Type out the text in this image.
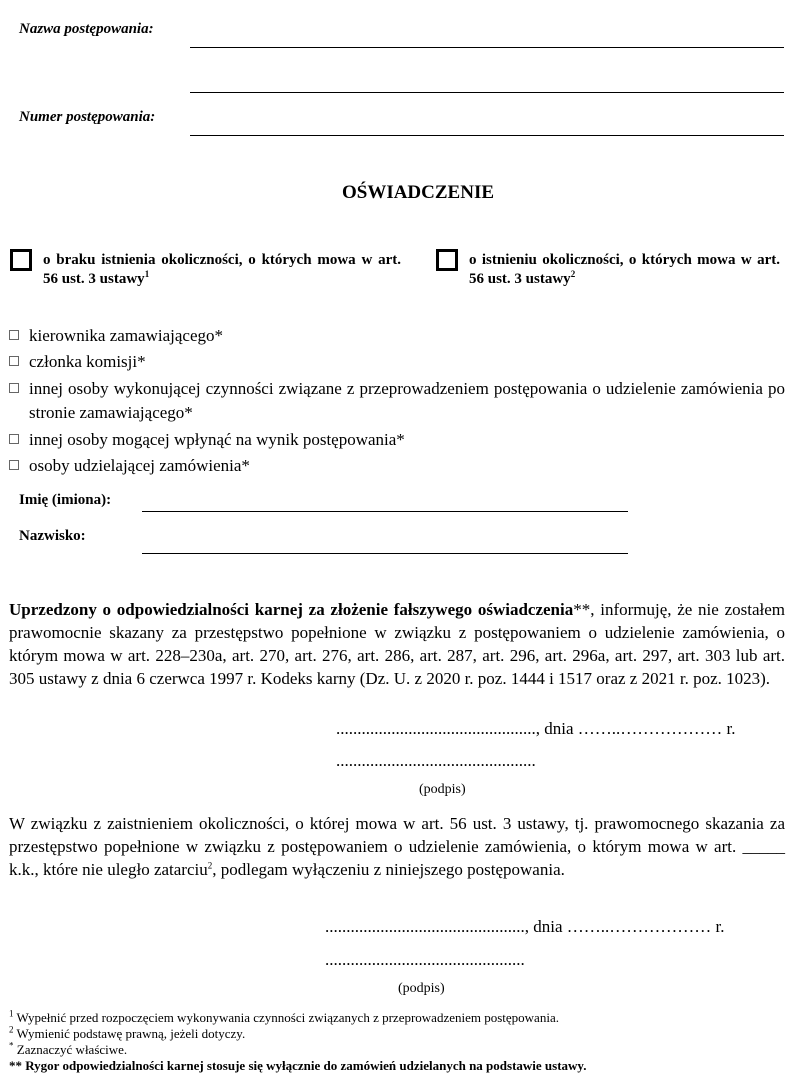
Nazwa postępowania:
Numer postępowania:
OŚWIADCZENIE
o braku istnienia okoliczności, o których mowa w art. 56 ust. 3 ustawy$^1$
o istnieniu okoliczności, o których mowa w art. 56 ust. 3 ustawy$^2$
kierownika zamawiającego*
członka komisji*
innej osoby wykonującej czynności związane z przeprowadzeniem postępowania o udzielenie zamówienia po stronie zamawiającego*
innej osoby mogącej wpłynąć na wynik postępowania*
osoby udzielającej zamówienia*
Imię (imiona):
Nazwisko:
Uprzedzony o odpowiedzialności karnej za złożenie fałszywego oświadczenia**, informuję, że nie zostałem prawomocnie skazany za przestępstwo popełnione w związku z postępowaniem o udzielenie zamówienia, o którym mowa w art. 228–230a, art. 270, art. 276, art. 286, art. 287, art. 296, art. 296a, art. 297, art. 303 lub art. 305 ustawy z dnia 6 czerwca 1997 r. Kodeks karny (Dz. U. z 2020 r. poz. 1444 i 1517 oraz z 2021 r. poz. 1023).
..............................................., dnia ……..……………… r.
...............................................
(podpis)
W związku z zaistnieniem okoliczności, o której mowa w art. 56 ust. 3 ustawy, tj. prawomocnego skazania za przestępstwo popełnione w związku z postępowaniem o udzielenie zamówienia, o którym mowa w art. _____ k.k., które nie uległo zatarciu$^2$, podlegam wyłączeniu z niniejszego postępowania.
..............................................., dnia ……..……………… r.
...............................................
(podpis)
$^1$ Wypełnić przed rozpoczęciem wykonywania czynności związanych z przeprowadzeniem postępowania.
$^2$ Wymienić podstawę prawną, jeżeli dotyczy.
* Zaznaczyć właściwe.
** Rygor odpowiedzialności karnej stosuje się wyłącznie do zamówień udzielanych na podstawie ustawy.
